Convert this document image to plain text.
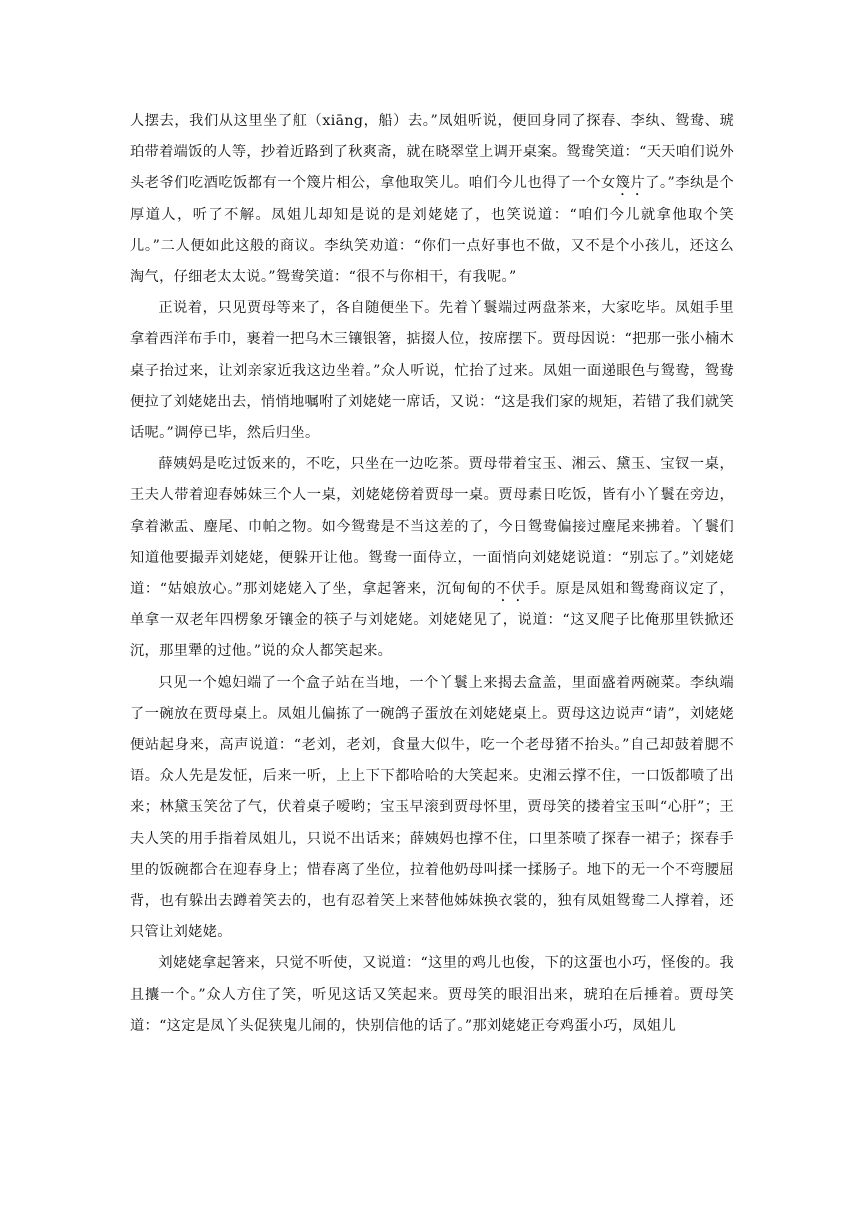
人摆去，我们从这里坐了舡（xiāng，船）去。”凤姐听说，便回身同了探春、李纨、鸳鸯、琥珀带着端饭的人等，抄着近路到了秋爽斋，就在晓翠堂上调开桌案。鸳鸯笑道：“天天咱们说外头老爷们吃酒吃饭都有一个篾片相公，拿他取笑儿。咱们今儿也得了一个女篾片了。”李纨是个厚道人，听了不解。凤姐儿却知是说的是刘姥姥了，也笑说道：“咱们今儿就拿他取个笑儿。”二人便如此这般的商议。李纨笑劝道：“你们一点好事也不做，又不是个小孩儿，还这么淘气，仔细老太太说。”鸳鸯笑道：“很不与你相干，有我呢。”

正说着，只见贾母等来了，各自随便坐下。先着丫鬟端过两盘茶来，大家吃毕。凤姐手里拿着西洋布手巾，裹着一把乌木三镶银箸，掂掇人位，按席摆下。贾母因说：“把那一张小楠木桌子抬过来，让刘亲家近我这边坐着。”众人听说，忙抬了过来。凤姐一面递眼色与鸳鸯，鸳鸯便拉了刘姥姥出去，悄悄地嘱咐了刘姥姥一席话，又说：“这是我们家的规矩，若错了我们就笑话呢。”调停已毕，然后归坐。

薛姨妈是吃过饭来的，不吃，只坐在一边吃茶。贾母带着宝玉、湘云、黛玉、宝钗一桌，王夫人带着迎春姊妹三个人一桌，刘姥姥傍着贾母一桌。贾母素日吃饭，皆有小丫鬟在旁边，拿着漱盂、麈尾、巾帕之物。如今鸳鸯是不当这差的了，今日鸳鸯偏接过麈尾来拂着。丫鬟们知道他要撮弄刘姥姥，便躲开让他。鸳鸯一面侍立，一面悄向刘姥姥说道：“别忘了。”刘姥姥道：“姑娘放心。”那刘姥姥入了坐，拿起箸来，沉甸甸的不伏手。原是凤姐和鸳鸯商议定了，单拿一双老年四楞象牙镶金的筷子与刘姥姥。刘姥姥见了，说道：“这叉爬子比俺那里铁掀还沉，那里犟的过他。”说的众人都笑起来。

只见一个媳妇端了一个盒子站在当地，一个丫鬟上来揭去盒盖，里面盛着两碗菜。李纨端了一碗放在贾母桌上。凤姐儿偏拣了一碗鸽子蛋放在刘姥姥桌上。贾母这边说声“请”，刘姥姥便站起身来，高声说道：“老刘，老刘，食量大似牛，吃一个老母猪不抬头。”自己却鼓着腮不语。众人先是发怔，后来一听，上上下下都哈哈的大笑起来。史湘云撑不住，一口饭都喷了出来；林黛玉笑岔了气，伏着桌子嗳哟；宝玉早滚到贾母怀里，贾母笑的搂着宝玉叫“心肝”；王夫人笑的用手指着凤姐儿，只说不出话来；薛姨妈也撑不住，口里茶喷了探春一裙子；探春手里的饭碗都合在迎春身上；惜春离了坐位，拉着他奶母叫揉一揉肠子。地下的无一个不弯腰屈背，也有躲出去蹲着笑去的，也有忍着笑上来替他姊妹换衣裳的，独有凤姐鸳鸯二人撑着，还只管让刘姥姥。

刘姥姥拿起箸来，只觉不听使，又说道：“这里的鸡儿也俊，下的这蛋也小巧，怪俊的。我且攮一个。”众人方住了笑，听见这话又笑起来。贾母笑的眼泪出来，琥珀在后捶着。贾母笑道：“这定是凤丫头促狭鬼儿闹的，快别信他的话了。”那刘姥姥正夸鸡蛋小巧，凤姐儿
